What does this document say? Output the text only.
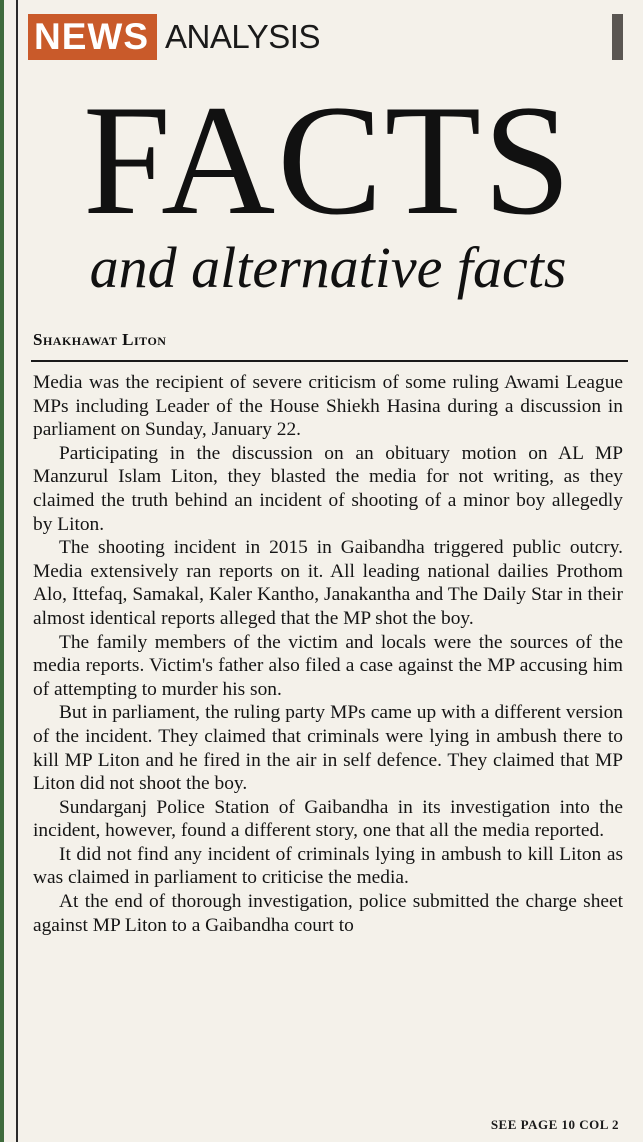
NEWS ANALYSIS
FACTS
and alternative facts
Shakhawat Liton

Media was the recipient of severe criticism of some ruling Awami League MPs including Leader of the House Shiekh Hasina during a discussion in parliament on Sunday, January 22.

Participating in the discussion on an obituary motion on AL MP Manzurul Islam Liton, they blasted the media for not writing, as they claimed the truth behind an incident of shooting of a minor boy allegedly by Liton.

The shooting incident in 2015 in Gaibandha triggered public outcry. Media extensively ran reports on it. All leading national dailies Prothom Alo, Ittefaq, Samakal, Kaler Kantho, Janakantha and The Daily Star in their almost identical reports alleged that the MP shot the boy.

The family members of the victim and locals were the sources of the media reports. Victim's father also filed a case against the MP accusing him of attempting to murder his son.

But in parliament, the ruling party MPs came up with a different version of the incident. They claimed that criminals were lying in ambush there to kill MP Liton and he fired in the air in self defence. They claimed that MP Liton did not shoot the boy.

Sundarganj Police Station of Gaibandha in its investigation into the incident, however, found a different story, one that all the media reported.

It did not find any incident of criminals lying in ambush to kill Liton as was claimed in parliament to criticise the media.

At the end of thorough investigation, police submitted the charge sheet against MP Liton to a Gaibandha court to

SEE PAGE 10 COL 2
